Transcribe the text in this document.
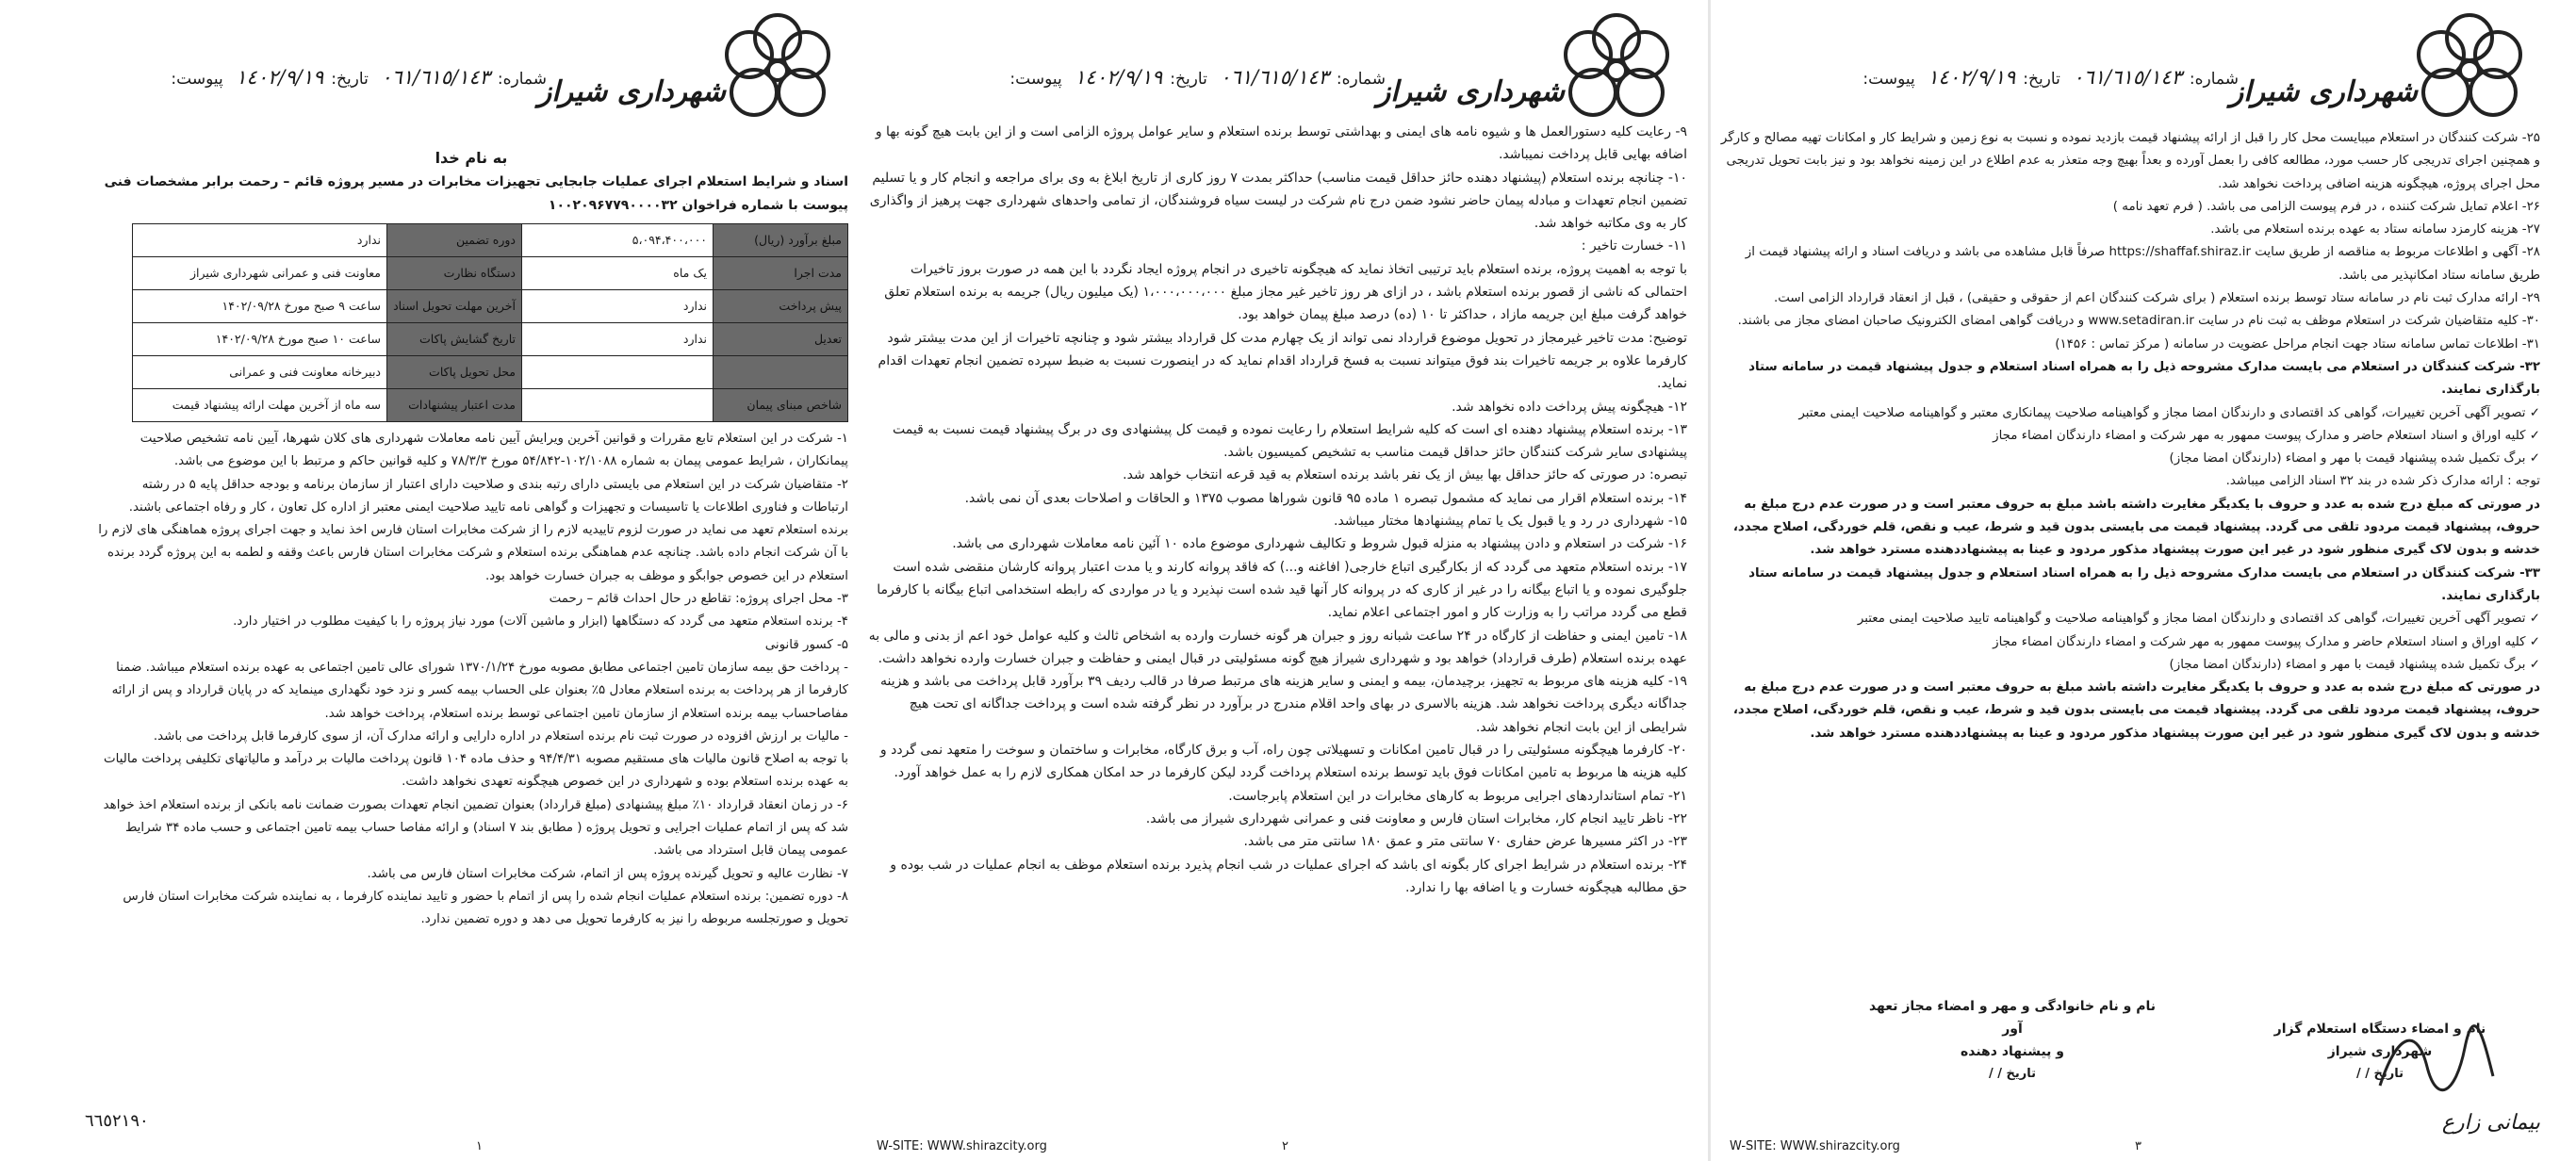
شهرداری شیراز
شماره:٠٦١/٦١٥/١٤٣ تاریخ:١٤٠٢/٩/١٩ پیوست:
به نام خدا
اسناد و شرایط استعلام اجرای عملیات جابجایی تجهیزات مخابرات در مسیر پروژه قائم – رحمت برابر مشخصات فنی پیوست با شماره فراخوان ۱۰۰۲۰۹۶۷۷۹۰۰۰۰۳۲
مبلغ برآورد (ریال)	۵،۰۹۴،۴۰۰،۰۰۰	دوره تضمین	ندارد
مدت اجرا	یک ماه	دستگاه نظارت	معاونت فنی و عمرانی شهرداری شیراز
پیش پرداخت	ندارد	آخرین مهلت تحویل اسناد	ساعت ۹ صبح مورخ ۱۴۰۲/۰۹/۲۸
تعدیل	ندارد	تاریخ گشایش پاکات	ساعت ۱۰ صبح مورخ ۱۴۰۲/۰۹/۲۸
		محل تحویل پاکات	دبیرخانه معاونت فنی و عمرانی
شاخص مبنای پیمان		مدت اعتبار پیشنهادات	سه ماه از آخرین مهلت ارائه پیشنهاد قیمت

۱- شرکت در این استعلام تابع مقررات و قوانین آخرین ویرایش آیین نامه معاملات شهرداری های کلان شهرها، آیین نامه تشخیص صلاحیت پیمانکاران ، شرایط عمومی پیمان به شماره ۱۰۲/۱۰۸۸-۵۴/۸۴۲ مورخ ۷۸/۳/۳ و کلیه قوانین حاکم و مرتبط با این موضوع می باشد.

۲- متقاضیان شرکت در این استعلام می بایستی دارای رتبه بندی و صلاحیت دارای اعتبار از سازمان برنامه و بودجه حداقل پایه ۵ در رشته ارتباطات و فناوری اطلاعات یا تاسیسات و تجهیزات و گواهی نامه تایید صلاحیت ایمنی معتبر از اداره کل تعاون ، کار و رفاه اجتماعی باشند.

برنده استعلام تعهد می نماید در صورت لزوم تاییدیه لازم را از شرکت مخابرات استان فارس اخذ نماید و جهت اجرای پروژه هماهنگی های لازم را با آن شرکت انجام داده باشد. چنانچه عدم هماهنگی برنده استعلام و شرکت مخابرات استان فارس باعث وقفه و لطمه به این پروژه گردد برنده استعلام در این خصوص جوابگو و موظف به جبران خسارت خواهد بود.

۳- محل اجرای پروژه: تقاطع در حال احداث قائم – رحمت

۴- برنده استعلام متعهد می گردد که دستگاهها (ابزار و ماشین آلات) مورد نیاز پروژه را با کیفیت مطلوب در اختیار دارد.

۵- کسور قانونی

- پرداخت حق بیمه سازمان تامین اجتماعی مطابق مصوبه مورخ ۱۳۷۰/۱/۲۴ شورای عالی تامین اجتماعی به عهده برنده استعلام میباشد. ضمنا کارفرما از هر پرداخت به برنده استعلام معادل ۵٪ بعنوان علی الحساب بیمه کسر و نزد خود نگهداری مینماید که در پایان قرارداد و پس از ارائه مفاصاحساب بیمه برنده استعلام از سازمان تامین اجتماعی توسط برنده استعلام، پرداخت خواهد شد.

- مالیات بر ارزش افزوده در صورت ثبت نام برنده استعلام در اداره دارایی و ارائه مدارک آن، از سوی کارفرما قابل پرداخت می باشد.

با توجه به اصلاح قانون مالیات های مستقیم مصوبه ۹۴/۴/۳۱ و حذف ماده ۱۰۴ قانون پرداخت مالیات بر درآمد و مالیاتهای تکلیفی پرداخت مالیات به عهده برنده استعلام بوده و شهرداری در این خصوص هیچگونه تعهدی نخواهد داشت.

۶- در زمان انعقاد قرارداد ۱۰٪ مبلغ پیشنهادی (مبلغ قرارداد) بعنوان تضمین انجام تعهدات بصورت ضمانت نامه بانکی از برنده استعلام اخذ خواهد شد که پس از اتمام عملیات اجرایی و تحویل پروژه ( مطابق بند ۷ اسناد) و ارائه مفاصا حساب بیمه تامین اجتماعی و حسب ماده ۳۴ شرایط عمومی پیمان قابل استرداد می باشد.

۷- نظارت عالیه و تحویل گیرنده پروژه پس از اتمام، شرکت مخابرات استان فارس می باشد.

۸- دوره تضمین: برنده استعلام عملیات انجام شده را پس از اتمام با حضور و تایید نماینده کارفرما ، به نماینده شرکت مخابرات استان فارس تحویل و صورتجلسه مربوطه را نیز به کارفرما تحویل می دهد و دوره تضمین ندارد.

٦٦٥٢١٩٠
۱
شهرداری شیراز
شماره:٠٦١/٦١٥/١٤٣ تاریخ:١٤٠٢/٩/١٩ پیوست:

۹- رعایت کلیه دستورالعمل ها و شیوه نامه های ایمنی و بهداشتی توسط برنده استعلام و سایر عوامل پروژه الزامی است و از این بابت هیچ گونه بها و اضافه بهایی قابل پرداخت نمیباشد.

۱۰- چنانچه برنده استعلام (پیشنهاد دهنده حائز حداقل قیمت مناسب) حداکثر بمدت ۷ روز کاری از تاریخ ابلاغ به وی برای مراجعه و انجام کار و یا تسلیم تضمین انجام تعهدات و مبادله پیمان حاضر نشود ضمن درج نام شرکت در لیست سیاه فروشندگان، از تمامی واحدهای شهرداری جهت پرهیز از واگذاری کار به وی مکاتبه خواهد شد.

۱۱- خسارت تاخیر :

با توجه به اهمیت پروژه، برنده استعلام باید ترتیبی اتخاذ نماید که هیچگونه تاخیری در انجام پروژه ایجاد نگردد با این همه در صورت بروز تاخیرات احتمالی که ناشی از قصور برنده استعلام باشد ، در ازای هر روز تاخیر غیر مجاز مبلغ ۱،۰۰۰،۰۰۰،۰۰۰ (یک میلیون ریال) جریمه به برنده استعلام تعلق خواهد گرفت مبلغ این جریمه مازاد ، حداکثر تا ۱۰ (ده) درصد مبلغ پیمان خواهد بود.

توضیح: مدت تاخیر غیرمجاز در تحویل موضوع قرارداد نمی تواند از یک چهارم مدت کل قرارداد بیشتر شود و چنانچه تاخیرات از این مدت بیشتر شود کارفرما علاوه بر جریمه تاخیرات بند فوق میتواند نسبت به فسخ قرارداد اقدام نماید که در اینصورت نسبت به ضبط سپرده تضمین انجام تعهدات اقدام نماید.

۱۲- هیچگونه پیش پرداخت داده نخواهد شد.

۱۳- برنده استعلام پیشنهاد دهنده ای است که کلیه شرایط استعلام را رعایت نموده و قیمت کل پیشنهادی وی در برگ پیشنهاد قیمت نسبت به قیمت پیشنهادی سایر شرکت کنندگان حائز حداقل قیمت مناسب به تشخیص کمیسیون باشد.

تبصره: در صورتی که حائز حداقل بها بیش از یک نفر باشد برنده استعلام به قید قرعه انتخاب خواهد شد.

۱۴- برنده استعلام اقرار می نماید که مشمول تبصره ۱ ماده ۹۵ قانون شوراها مصوب ۱۳۷۵ و الحاقات و اصلاحات بعدی آن نمی باشد.

۱۵- شهرداری در رد و یا قبول یک یا تمام پیشنهادها مختار میباشد.

۱۶- شرکت در استعلام و دادن پیشنهاد به منزله قبول شروط و تکالیف شهرداری موضوع ماده ۱۰ آئین نامه معاملات شهرداری می باشد.

۱۷- برنده استعلام متعهد می گردد که از بکارگیری اتباع خارجی( افاغنه و...) که فاقد پروانه کارند و یا مدت اعتبار پروانه کارشان منقضی شده است جلوگیری نموده و یا اتباع بیگانه را در غیر از کاری که در پروانه کار آنها قید شده است نپذیرد و یا در مواردی که رابطه استخدامی اتباع بیگانه با کارفرما قطع می گردد مراتب را به وزارت کار و امور اجتماعی اعلام نماید.

۱۸- تامین ایمنی و حفاظت از کارگاه در ۲۴ ساعت شبانه روز و جبران هر گونه خسارت وارده به اشخاص ثالث و کلیه عوامل خود اعم از بدنی و مالی به عهده برنده استعلام (طرف قرارداد) خواهد بود و شهرداری شیراز هیچ گونه مسئولیتی در قبال ایمنی و حفاظت و جبران خسارت وارده نخواهد داشت.

۱۹- کلیه هزینه های مربوط به تجهیز، برچیدمان، بیمه و ایمنی و سایر هزینه های مرتبط صرفا در قالب ردیف ۳۹ برآورد قابل پرداخت می باشد و هزینه جداگانه دیگری پرداخت نخواهد شد. هزینه بالاسری در بهای واحد اقلام مندرج در برآورد در نظر گرفته شده است و پرداخت جداگانه ای تحت هیچ شرایطی از این بابت انجام نخواهد شد.

۲۰- کارفرما هیچگونه مسئولیتی را در قبال تامین امکانات و تسهیلاتی چون راه، آب و برق کارگاه، مخابرات و ساختمان و سوخت را متعهد نمی گردد و کلیه هزینه ها مربوط به تامین امکانات فوق باید توسط برنده استعلام پرداخت گردد لیکن کارفرما در حد امکان همکاری لازم را به عمل خواهد آورد.

۲۱- تمام استانداردهای اجرایی مربوط به کارهای مخابرات در این استعلام پابرجاست.

۲۲- ناظر تایید انجام کار، مخابرات استان فارس و معاونت فنی و عمرانی شهرداری شیراز می باشد.

۲۳- در اکثر مسیرها عرض حفاری ۷۰ سانتی متر و عمق ۱۸۰ سانتی متر می باشد.

۲۴- برنده استعلام در شرایط اجرای کار بگونه ای باشد که اجرای عملیات در شب انجام پذیرد برنده استعلام موظف به انجام عملیات در شب بوده و حق مطالبه هیچگونه خسارت و یا اضافه بها را ندارد.

W-SITE: WWW.shirazcity.org	۲
شهرداری شیراز
شماره:٠٦١/٦١٥/١٤٣ تاریخ:١٤٠٢/٩/١٩ پیوست:

۲۵- شرکت کنندگان در استعلام میبایست محل کار را قبل از ارائه پیشنهاد قیمت بازدید نموده و نسبت به نوع زمین و شرایط کار و امکانات تهیه مصالح و کارگر و همچنین اجرای تدریجی کار حسب مورد، مطالعه کافی را بعمل آورده و بعداً بهیچ وجه متعذر به عدم اطلاع در این زمینه نخواهد بود و نیز بابت تحویل تدریجی محل اجرای پروژه، هیچگونه هزینه اضافی پرداخت نخواهد شد.

۲۶- اعلام تمایل شرکت کننده ، در فرم پیوست الزامی می باشد. ( فرم تعهد نامه )

۲۷- هزینه کارمزد سامانه ستاد به عهده برنده استعلام می باشد.

۲۸- آگهی و اطلاعات مربوط به مناقصه از طریق سایت https://shaffaf.shiraz.ir صرفاً قابل مشاهده می باشد و دریافت اسناد و ارائه پیشنهاد قیمت از طریق سامانه ستاد امکانپذیر می باشد.

۲۹- ارائه مدارک ثبت نام در سامانه ستاد توسط برنده استعلام ( برای شرکت کنندگان اعم از حقوقی و حقیقی) ، قبل از انعقاد قرارداد الزامی است.

۳۰- کلیه متقاضیان شرکت در استعلام موظف به ثبت نام در سایت www.setadiran.ir و دریافت گواهی امضای الکترونیک صاحبان امضای مجاز می باشند.

۳۱- اطلاعات تماس سامانه ستاد جهت انجام مراحل عضویت در سامانه ( مرکز تماس : ۱۴۵۶)

۳۲- شرکت کنندگان در استعلام می بایست مدارک مشروحه ذیل را به همراه اسناد استعلام و جدول پیشنهاد قیمت در سامانه ستاد بارگذاری نمایند.

✓ تصویر آگهی آخرین تغییرات، گواهی کد اقتصادی و دارندگان امضا مجاز و گواهینامه صلاحیت پیمانکاری معتبر و گواهینامه صلاحیت ایمنی معتبر

✓ کلیه اوراق و اسناد استعلام حاضر و مدارک پیوست ممهور به مهر شرکت و امضاء دارندگان امضاء مجاز

✓ برگ تکمیل شده پیشنهاد قیمت با مهر و امضاء (دارندگان امضا مجاز)

توجه : ارائه مدارک ذکر شده در بند ۳۲ اسناد الزامی میباشد.

در صورتی که مبلغ درج شده به عدد و حروف با یکدیگر مغایرت داشته باشد مبلغ به حروف معتبر است و در صورت عدم درج مبلغ به حروف، پیشنهاد قیمت مردود تلقی می گردد. پیشنهاد قیمت می بایستی بدون قید و شرط، عیب و نقص، قلم خوردگی، اصلاح مجدد، خدشه و بدون لاک گیری منظور شود در غیر این صورت پیشنهاد مذکور مردود و عینا به پیشنهاددهنده مسترد خواهد شد.

۳۳- شرکت کنندگان در استعلام می بایست مدارک مشروحه ذیل را به همراه اسناد استعلام و جدول پیشنهاد قیمت در سامانه ستاد بارگذاری نمایند.

✓ تصویر آگهی آخرین تغییرات، گواهی کد اقتصادی و دارندگان امضا مجاز و گواهینامه صلاحیت و گواهینامه تایید صلاحیت ایمنی معتبر

✓ کلیه اوراق و اسناد استعلام حاضر و مدارک پیوست ممهور به مهر شرکت و امضاء دارندگان امضاء مجاز

✓ برگ تکمیل شده پیشنهاد قیمت با مهر و امضاء (دارندگان امضا مجاز)

در صورتی که مبلغ درج شده به عدد و حروف با یکدیگر مغایرت داشته باشد مبلغ به حروف معتبر است و در صورت عدم درج مبلغ به حروف، پیشنهاد قیمت مردود تلقی می گردد. پیشنهاد قیمت می بایستی بدون قید و شرط، عیب و نقص، قلم خوردگی، اصلاح مجدد، خدشه و بدون لاک گیری منظور شود در غیر این صورت پیشنهاد مذکور مردود و عینا به پیشنهاددهنده مسترد خواهد شد.

نام و امضاء دستگاه استعلام گزار
شهرداری شیراز
تاریخ / /
نام و نام خانوادگی و مهر و امضاء مجاز تعهد آور
و پیشنهاد دهنده
تاریخ / /
W-SITE: WWW.shirazcity.org	۳
بیمانی زارع
